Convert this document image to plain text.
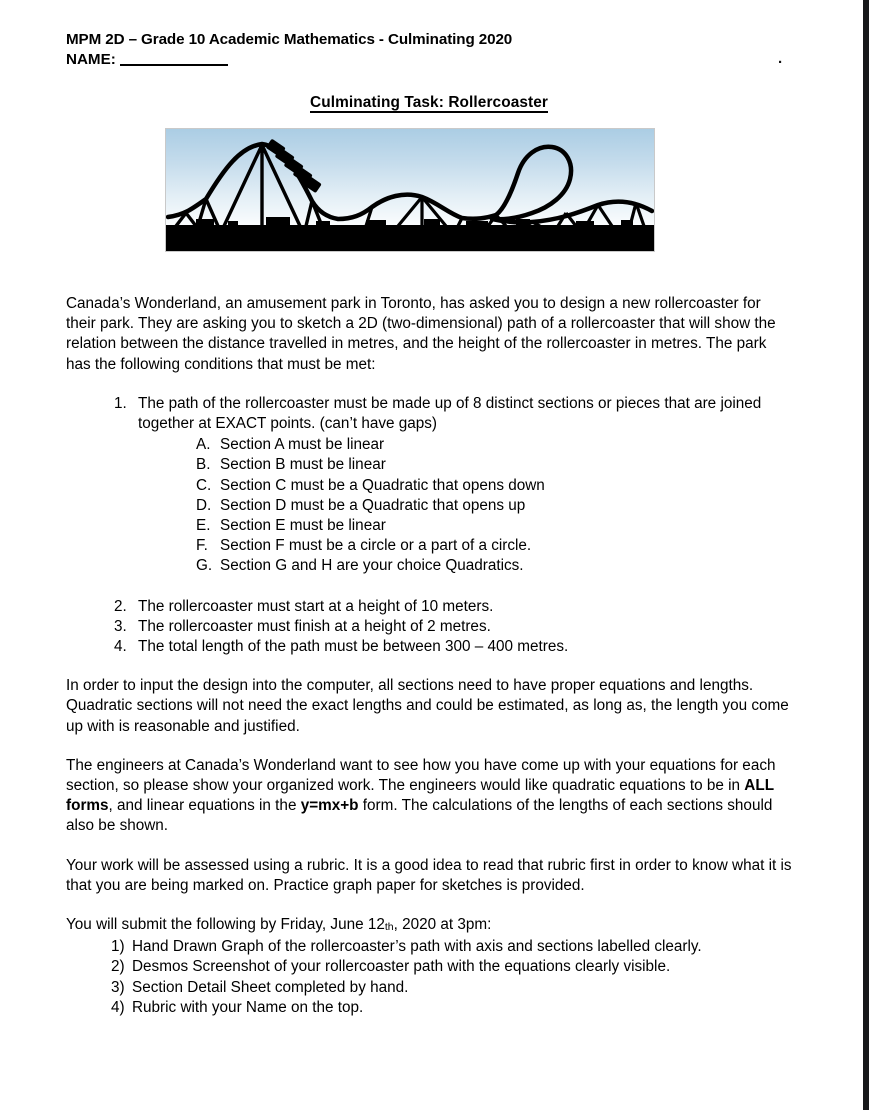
MPM 2D – Grade 10 Academic Mathematics - Culminating 2020
NAME:
Culminating Task: Rollercoaster
Canada’s Wonderland, an amusement park in Toronto, has asked you to design a new rollercoaster for their park. They are asking you to sketch a 2D (two-dimensional) path of a rollercoaster that will show the relation between the distance travelled in metres, and the height of the rollercoaster in metres. The park has the following conditions that must be met:
1. The path of the rollercoaster must be made up of 8 distinct sections or pieces that are joined together at EXACT points. (can’t have gaps)
A. Section A must be linear
B. Section B must be linear
C. Section C must be a Quadratic that opens down
D. Section D must be a Quadratic that opens up
E. Section E must be linear
F. Section F must be a circle or a part of a circle.
G. Section G and H are your choice Quadratics.
2. The rollercoaster must start at a height of 10 meters.
3. The rollercoaster must finish at a height of 2 metres.
4. The total length of the path must be between 300 – 400 metres.
In order to input the design into the computer, all sections need to have proper equations and lengths. Quadratic sections will not need the exact lengths and could be estimated, as long as, the length you come up with is reasonable and justified.
The engineers at Canada’s Wonderland want to see how you have come up with your equations for each section, so please show your organized work. The engineers would like quadratic equations to be in ALL forms, and linear equations in the y=mx+b form. The calculations of the lengths of each sections should also be shown.
Your work will be assessed using a rubric. It is a good idea to read that rubric first in order to know what it is that you are being marked on. Practice graph paper for sketches is provided.
You will submit the following by Friday, June 12th, 2020 at 3pm:
1) Hand Drawn Graph of the rollercoaster’s path with axis and sections labelled clearly.
2) Desmos Screenshot of your rollercoaster path with the equations clearly visible.
3) Section Detail Sheet completed by hand.
4) Rubric with your Name on the top.
.
